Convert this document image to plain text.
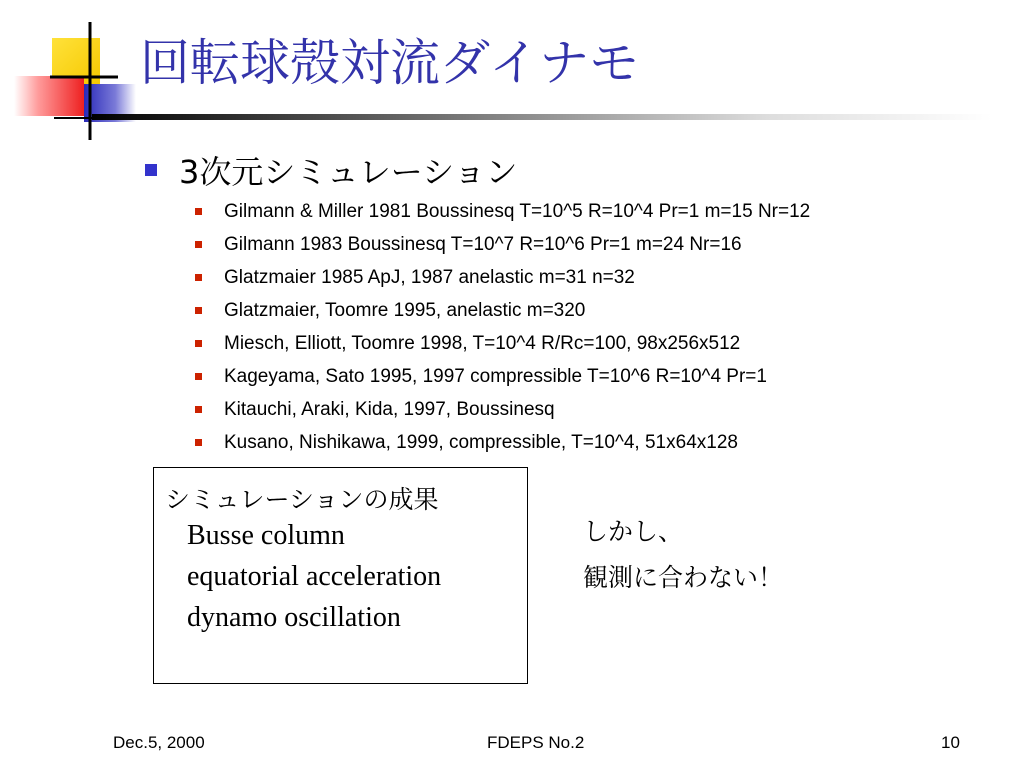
回転球殻対流ダイナモ
3次元シミュレーション
Gilmann & Miller 1981 Boussinesq T=10^5 R=10^4 Pr=1 m=15 Nr=12
Gilmann 1983 Boussinesq T=10^7 R=10^6 Pr=1 m=24 Nr=16
Glatzmaier 1985 ApJ, 1987 anelastic m=31 n=32
Glatzmaier, Toomre 1995, anelastic m=320
Miesch, Elliott, Toomre 1998, T=10^4 R/Rc=100, 98x256x512
Kageyama, Sato 1995, 1997 compressible T=10^6 R=10^4 Pr=1
Kitauchi, Araki, Kida, 1997, Boussinesq
Kusano, Nishikawa, 1999, compressible, T=10^4, 51x64x128
シミュレーションの成果
Busse column
equatorial acceleration
dynamo oscillation
しかし、
観測に合わない！
Dec.5, 2000	FDEPS No.2	10
